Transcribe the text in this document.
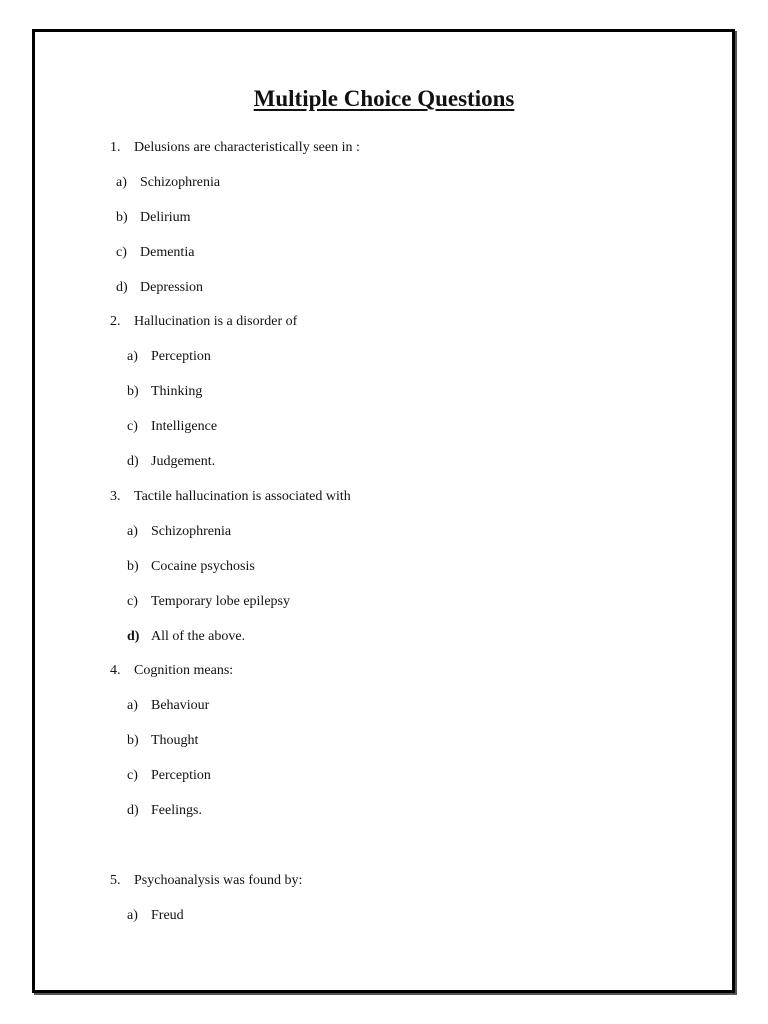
Multiple Choice Questions
1. Delusions are characteristically seen in :
a) Schizophrenia
b) Delirium
c) Dementia
d) Depression
2. Hallucination is a disorder of
a) Perception
b) Thinking
c) Intelligence
d) Judgement.
3. Tactile hallucination is associated with
a) Schizophrenia
b) Cocaine psychosis
c) Temporary lobe epilepsy
d) All of the above.
4. Cognition means:
a) Behaviour
b) Thought
c) Perception
d) Feelings.
5. Psychoanalysis was found by:
a) Freud
